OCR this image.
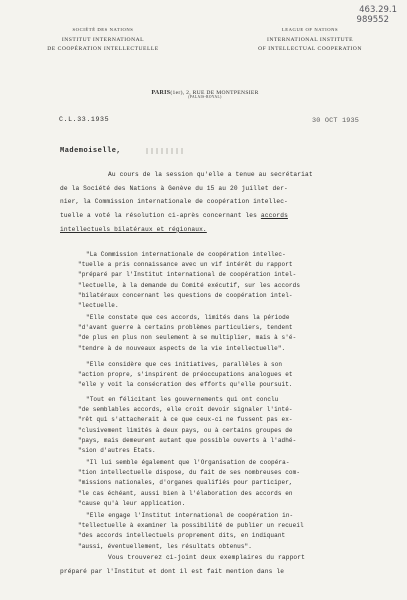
463.29.1
989552
SOCIÉTÉ DES NATIONS
INSTITUT INTERNATIONAL
DE COOPÉRATION INTELLECTUELLE
LEAGUE OF NATIONS
INTERNATIONAL INSTITUTE
OF INTELLECTUAL COOPERATION
PARIS(1er), 2, RUE DE MONTPENSIER
(PALAIS-ROYAL)
C.L.33.1935	30 OCT 1935
Mademoiselle,
Au cours de la session qu'elle a tenue au secrétariat
de la Société des Nations à Genève du 15 au 20 juillet der-
nier, la Commission internationale de coopération intellec-
tuelle a voté la résolution ci-après concernant les accords
intellectuels bilatéraux et régionaux.
"La Commission internationale de coopération intellec-
"tuelle a pris connaissance avec un vif intérêt du rapport
"préparé par l'Institut international de coopération intel-
"lectuelle, à la demande du Comité exécutif, sur les accords
"bilatéraux concernant les questions de coopération intel-
"lectuelle.
"Elle constate que ces accords, limités dans la période
"d'avant guerre à certains problèmes particuliers, tendent
"de plus en plus non seulement à se multiplier, mais à s'é-
"tendre à de nouveaux aspects de la vie intellectuelle".
"Elle considère que ces initiatives, parallèles à son
"action propre, s'inspirent de préoccupations analogues et
"elle y voit la consécration des efforts qu'elle poursuit.
"Tout en félicitant les gouvernements qui ont conclu
"de semblables accords, elle croit devoir signaler l'inté-
"rêt qui s'attacherait à ce que ceux-ci ne fussent pas ex-
"clusivement limités à deux pays, ou à certains groupes de
"pays, mais demeurent autant que possible ouverts à l'adhé-
"sion d'autres Etats.
"Il lui semble également que l'Organisation de coopéra-
"tion intellectuelle dispose, du fait de ses nombreuses com-
"missions nationales, d'organes qualifiés pour participer,
"le cas échéant, aussi bien à l'élaboration des accords en
"cause qu'à leur application.
"Elle engage l'Institut international de coopération in-
"tellectuelle à examiner la possibilité de publier un recueil
"des accords intellectuels proprement dits, en indiquant
"aussi, éventuellement, les résultats obtenus".
Vous trouverez ci-joint deux exemplaires du rapport
préparé par l'Institut et dont il est fait mention dans le
